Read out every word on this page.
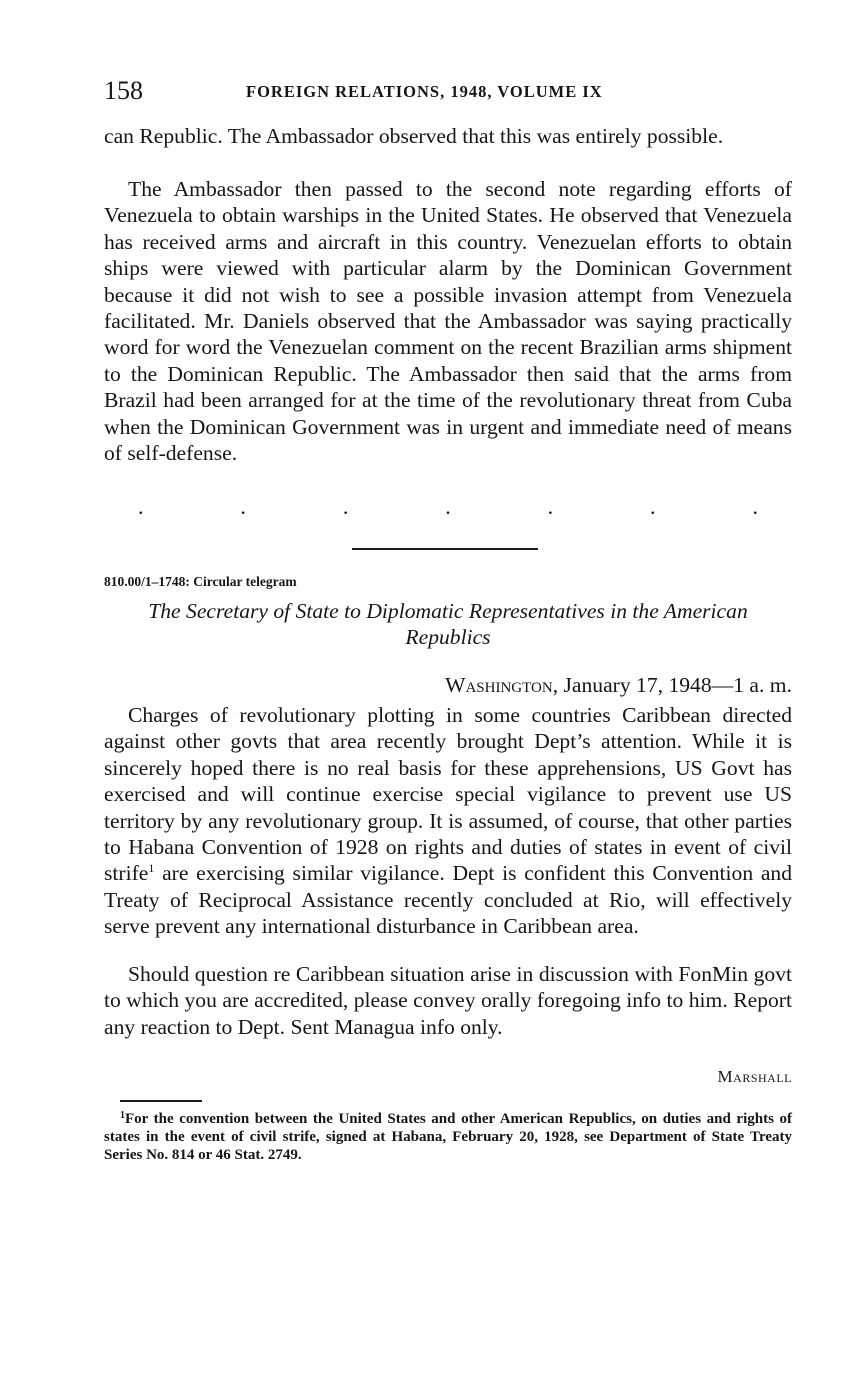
158	FOREIGN RELATIONS, 1948, VOLUME IX

can Republic. The Ambassador observed that this was entirely possible.

The Ambassador then passed to the second note regarding efforts of Venezuela to obtain warships in the United States. He observed that Venezuela has received arms and aircraft in this country. Venezuelan efforts to obtain ships were viewed with particular alarm by the Dominican Government because it did not wish to see a possible invasion attempt from Venezuela facilitated. Mr. Daniels observed that the Ambassador was saying practically word for word the Venezuelan comment on the recent Brazilian arms shipment to the Dominican Republic. The Ambassador then said that the arms from Brazil had been arranged for at the time of the revolutionary threat from Cuba when the Dominican Government was in urgent and immediate need of means of self-defense.

.	.	.	.	.	.	.
810.00/1–1748: Circular telegram

The Secretary of State to Diplomatic Representatives in the American Republics

Washington, January 17, 1948—1 a. m.

Charges of revolutionary plotting in some countries Caribbean directed against other govts that area recently brought Dept’s attention. While it is sincerely hoped there is no real basis for these apprehensions, US Govt has exercised and will continue exercise special vigilance to prevent use US territory by any revolutionary group. It is assumed, of course, that other parties to Habana Convention of 1928 on rights and duties of states in event of civil strife$^1$ are exercising similar vigilance. Dept is confident this Convention and Treaty of Reciprocal Assistance recently concluded at Rio, will effectively serve prevent any international disturbance in Caribbean area.

Should question re Caribbean situation arise in discussion with FonMin govt to which you are accredited, please convey orally foregoing info to him. Report any reaction to Dept. Sent Managua info only.

Marshall

$^1$For the convention between the United States and other American Republics, on duties and rights of states in the event of civil strife, signed at Habana, February 20, 1928, see Department of State Treaty Series No. 814 or 46 Stat. 2749.
